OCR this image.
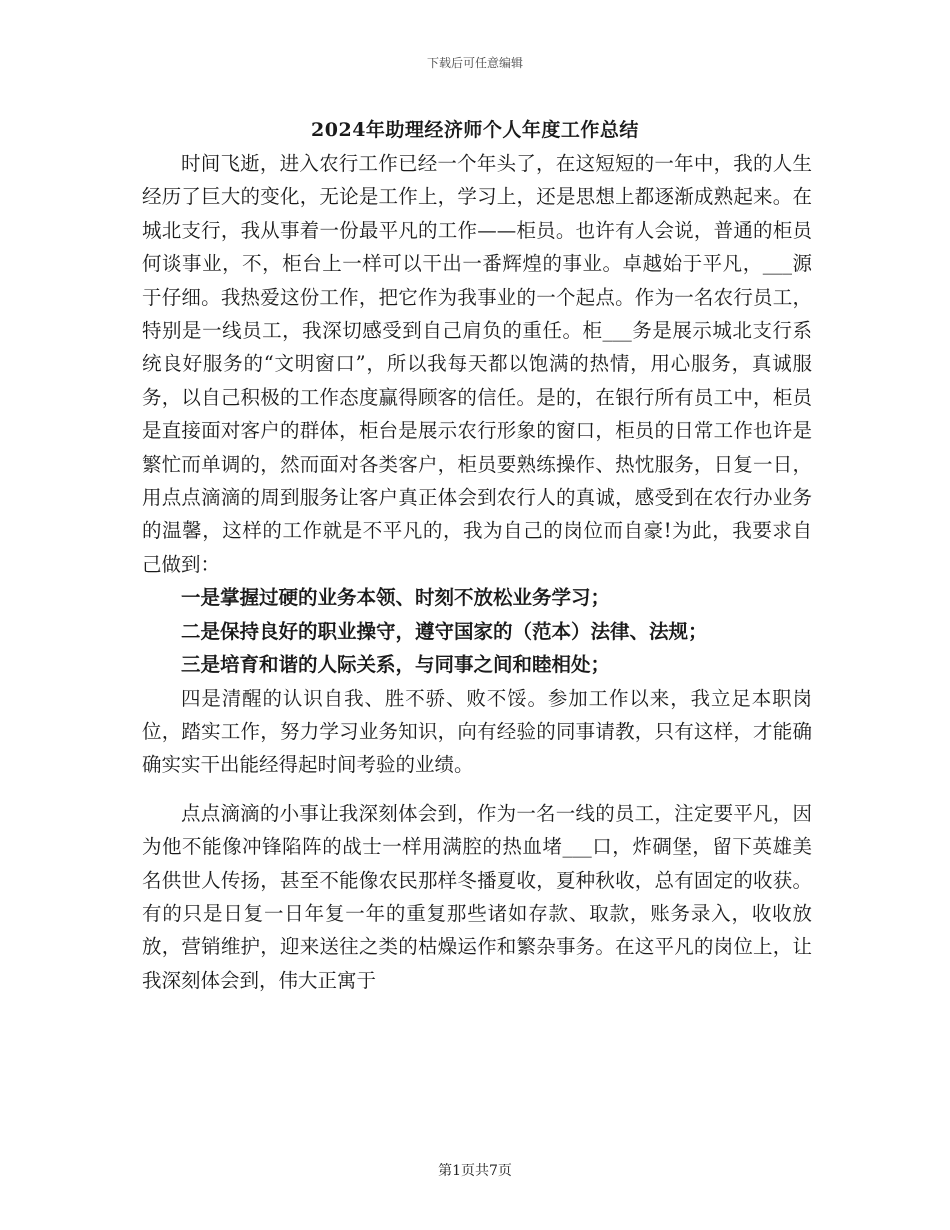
下载后可任意编辑
2024年助理经济师个人年度工作总结

时间飞逝，进入农行工作已经一个年头了，在这短短的一年中，我的人生经历了巨大的变化，无论是工作上，学习上，还是思想上都逐渐成熟起来。在城北支行，我从事着一份最平凡的工作——柜员。也许有人会说，普通的柜员何谈事业，不，柜台上一样可以干出一番辉煌的事业。卓越始于平凡，___源于仔细。我热爱这份工作，把它作为我事业的一个起点。作为一名农行员工，特别是一线员工，我深切感受到自己肩负的重任。柜___务是展示城北支行系统良好服务的“文明窗口”，所以我每天都以饱满的热情，用心服务，真诚服务，以自己积极的工作态度赢得顾客的信任。是的，在银行所有员工中，柜员是直接面对客户的群体，柜台是展示农行形象的窗口，柜员的日常工作也许是繁忙而单调的，然而面对各类客户，柜员要熟练操作、热忱服务，日复一日，用点点滴滴的周到服务让客户真正体会到农行人的真诚，感受到在农行办业务的温馨，这样的工作就是不平凡的，我为自己的岗位而自豪!为此，我要求自己做到：

一是掌握过硬的业务本领、时刻不放松业务学习；

二是保持良好的职业操守，遵守国家的（范本）法律、法规；

三是培育和谐的人际关系，与同事之间和睦相处；

四是清醒的认识自我、胜不骄、败不馁。参加工作以来，我立足本职岗位，踏实工作，努力学习业务知识，向有经验的同事请教，只有这样，才能确确实实干出能经得起时间考验的业绩。

点点滴滴的小事让我深刻体会到，作为一名一线的员工，注定要平凡，因为他不能像冲锋陷阵的战士一样用满腔的热血堵___口，炸碉堡，留下英雄美名供世人传扬，甚至不能像农民那样冬播夏收，夏种秋收，总有固定的收获。有的只是日复一日年复一年的重复那些诸如存款、取款，账务录入，收收放放，营销维护，迎来送往之类的枯燥运作和繁杂事务。在这平凡的岗位上，让我深刻体会到，伟大正寓于

第1页共7页
